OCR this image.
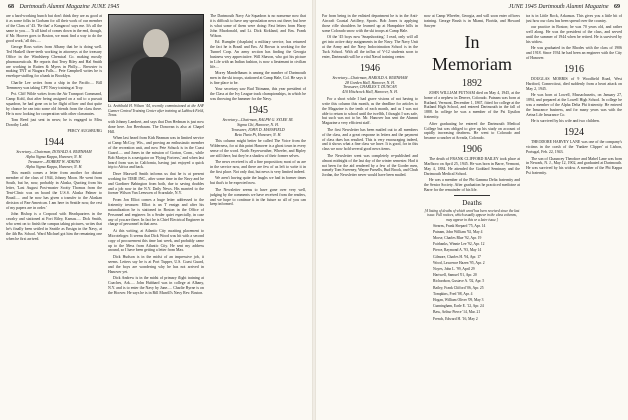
68 Dartmouth Alumni Magazine JUNE 1945

are a hard-working bunch but don't think they are as good at it as some folks in Gorham for all their work of our member of the Class of '43. 'Be that' a Kangaroo' says me. It's all the same to you..... 'It all kind of comes down in the end, though, if Mr. Hoover goes to Boston, we must find a way to do the good work,' all this.....

George Ross writes from Albany that he is doing well. Ted Haskell three-teeth working in attorneys at the treasury Office in the Windsheep Chemical Co. making mostly pharmaceuticals. He reports that Terry Riley and Hal Smith are working in Rutten & Myers in Philly.... Brewster is making TNT at Niagara Falls.... Pete Campbell writes he is envelope-stuffing for a bank in Brooklyn.

Charlie Lee writes from a ship in the Pacific.... Bill Tremmery was taking CPT Navy training at Troy.

Pvt. Cliff Wilde writes from the Air Transport Command, Camp Kohl, that after being assigned on a rail to a pursuit squadron, he had gone on to be flight officer and that quite by chance he ran into some old friends from the class there. He is now looking for cooperation with other classmates.

Tom Reed just sent in news; he is engaged to Miss Dorothy Ladd.

PERCY AUGSBURG

1944
Secretary—Chairman, DONALD A. BURNHAM
Alpha Sigma Kappa, Hanover, N. H.
Treasurer—ROBERT W. ADKINS
Alpha Sigma Kappa, Hanover, N. H.

This month comes a letter from another for distant member of the class of 1944, Johnny Moon. He went from South, but he, now, probably in Alaska, Quoting from his letter, 'Last August Post-master Scotty Thomas from the Tent-Clinic was on board the U.S.S. Alaska Palmer to Brazil..... and he now has given a transfer to the Alaskan division of Pan-American. I am here in Seattle now, the rest of my papers are in order.'

John Bishop is a Corporal with Headquarters in the cavalry and stationed at Fort Riley, Kansas..... Dick Smith, who went on to finish the campus taking pictures, writes that he's finally been settled in Seattle as Ensign in the Navy, at the 4th Bn. School. Ward Michael got him the remaining one when he first arrived.

Lt. Archibald H. Wilson '44, recently commissioned at the AAF Gunner Central Training Center after training at Lubbock Field, Texas.

with Johnny Lambert, and says that Don Hedman is just now done here. Jon Beerbaum. The Donovan is also at Chapel Hill.

When last heard from Kirk Beaman was in limited service at Camp McCoy, Wis., and proving an enthusiastic member of the recreation unit, and now Pete Schuck is in the Coast Guard..... and Jones in the mission of Gorton, Conn., while Bob Martyn is a navigator on 'Flying Fortress,' and when last heard from was in California, having just enjoyed a quick trip to Africa and back.

Dave Maxwell Smith informs us that he is at present working for TIME INC., after some time in the Navy and he and Gardiner Babington from both, due to saving doubles and a job now in the N.Y. Daily News. His married to the former Wilson Van Leeuwen of Scarsdale, N.Y.

From Jon Elliot comes a huge letter addressed to the fraternity treasurer. Elliot is an 'I' ensign and after his naturalization he is stationed in Boston in the Office of Personnel and engineer. In a Sealer quiet especially, in case any of you are there. In fact he is Chief Electrical Engineer in charge of personnel in that area.

At this writing, at Atlantic City awaiting placement to Microteloger. It seems that Dick Wood was hit with a second copy of procurement this time last week, and probably came up to the Mess from Atlantic City. He sent my address around, so I have been getting a letter from Max.

Dick Hudson is in the midst of an impressive job, it seems. Letters say he is at Port Tupper, U.S. Coast Guard, and the boys are wondering why he has not arrived in Hanover yet.

Dick Andrew is in the midst of primary flight training at Coaches, Ark..... John Hubbard was in college at Albany, N.Y. and is to enter the Navy by June..... Charlie Byrne is on the Hoover. He says he is in Bill Murrill's Navy Rev. Boston.

The Dartmouth Navy Air Squadron is no nonsense now that it is difficult to have any speculation news out there; but here is what some of them were doing: Fast letters from Harry John Macdonald, and Lt. Dick Kirkland, and Ens. Frank Wilson.

Ed. Rumpler (chaplain) a military service, has returned the fact he is Brazil and Ens. Al Brown is working for the Tunnel Corp. An army section has finding the Georgia business very appreciative. Will Shavon, who got his picture in Life with an Indian fashion, is now a lieutenant in civilian life....

Morey Mandelbaum is among the number of Dartmouth men in the ski troops, stationed at Camp Hale, Col. He says it is fine place to be.

Your secretary saw Bud Tittmann, this year president of the Class at the Ivy League track championships, in which he was throwing the hammer for the Navy.

1945
Secretary—Chairman, RALPH G. SYLEE JR.
Sigma Chi, Hanover, N. H.
Treasurer, JOHN D. MANSFIELD
Beta Theta Pi, Hanover, N. H.

This column might better be called The Voice from the Wilderness, for at this point Hanover is a ghost town in every sense of the word. North Fayerweather, Wheeler, and Ripley are still there, but they're a shadow of their former selves.

The news received is all a fine proposition; most of us are in the service now, and there are few of us left to write it in the first place. Not only that, but news is very limited indeed.

We aren't having quite the laughs we had in former times but that's to be expected now.

The Newsletter seems to have gone over very well, judging by the comments we have received from the readers, and we hope to continue it in the future so all of you can keep informed.

JUNE 1945 Dartmouth Alumni Magazine 69

Far from being in the enlisted department he is in the Anti-Aircraft Coastal Artillery, Sports. Bob Jones is applying those rifle shoulders he learned up at Hampshire hills in some Colorado snow with the ski troops at Camp Hale.

Of the '45 boys now 'Snapshooting,' I read, only will all get into active duty assignments in the Navy. The Navy Unit at the Army and the Navy Indoctrination School is in the Tuck School. With all the influx of V-12 students soon to enter, Dartmouth will be a vital Naval training center.

1946
Secretary—Chairman, HAROLD A. BURNHAM
28 Gorden Hall, Hanover, N. H.
Treasurer, CHARLES T. DUNCAN
410 Hitchcock Hall, Hanover, N. H.

For a short while I had grave visions of not having to write this column this month, as the deadline for articles to the Magazine is the tenth of each month, and as I was not able to return to school until the twelfth, I thought I was safe, but such was not to be. Mr. Hanover has sent the Alumni Magazine a very efficient staff.

The first Newsletter has been mailed out to all members of the class, and a great response in letters and the payment of class dues has resulted. This is very encouraging indeed, and it shows what a fine class we have. It is good, for in this class we now hold several good news items.

The Newsletter went was completely re-published and almost midnight of the last day of the winter semester. Had it not been for the aid rendered by a few of the Gorder men, namely Tom Sweeney, Wayne Parsells, Bud Brook, and Chub Jordan, the Newsletter never would have been mailed.

now at Camp Wheeler, Georgia, and will soon enter officers training. George Brush is in Miami, Florida, and Howard Sawyer

In Memoriam
1892

JOHN WILLIAM PUTNAM died on May 4, 1945, at the home of a nephew in Denver, Colorado. Putnam was born at Rutland, Vermont, December 1, 1867, fitted for college at the Rutland High School, and entered Dartmouth in the fall of 1888. In college he was a member of the Psi Upsilon fraternity.

After graduating he entered the Dartmouth Medical College but was obliged to give up his study on account of rapidly increasing deafness. He went to Colorado and became a rancher at Arvada, Colorado.

1906

The death of FRANK CLIFFORD BAILEY took place at Marlboro on April 25, 1945. He was born in Barre, Vermont, May 4, 1884. He attended the Goddard Seminary and the Dartmouth Medical School.

He was a member of the Phi Gamma Delta fraternity and the Senior Society. After graduation he practiced medicine at Barre for the remainder of his life.

Deaths
[A listing of deaths of which word has been received since the last issue. Full notices, which usually appear in the class columns, may appear in this or a later issue.]

Stearns, Frank Shepard '75, Apr. 14

Putnam, John William '92, May 4

Morse, Charles Blue '92, Apr. 19

Fairbanks, Winnie Lee '92, Apr. 12

Pierce, Raymond A. '93, May 14

Gilmore, Charles H. '94, Apr. 17

Wood, Lawrence Hazen '95, Apr. 2

Noyes, John L. '99, April 29

Hartwell, Samuel '01, Apr. 20

Richardson, Gustave A. '02, Apr. 5

Bailey, Frank Clifford '06, Apr. 25

Tompkins, Fred '08, Apr. 4

Hogan, William Oliver '09, May 3

Cunningham, Earle E. '12, Apr. 24

Bass, Arthur Pierce '14, Mar. 21

French, Edward H. '16, May 2

tra is in Little Rock, Arkansas. This gives you a little bit of just how our class has been spread over the country.

our practice in Boston; he was 70 years old, and rather well along. He was the president of the class, and served until the summer of 1944 when he retired. He is survived by his widow.

He was graduated in the Rhodes with the class of 1906 and 1918. Since 1934 he had been an engineer with the City of Hanover.

1916

DOUGLAS MORRIS of 9 Woodfield Road, West Hartford, Connecticut, died suddenly from a heart attack on May 2, 1945.

He was born at Lowell, Massachusetts, on January 27, 1894, and prepared at the Lowell High School. In college he was a member of the Alpha Delta Phi fraternity. He entered the Insurance business, and for many years was with the Aetna Life Insurance Co.

He is survived by his wife and two children.

1924

THEODORE HARVEY LANE was one of the company's victims in the crash of the 'Yankee Clipper' at Lisbon, Portugal, Feb. 22, 1943.

The son of Chauncey Theodore and Mabel Lane was born in Newark, N. J., May 12, 1902, and graduated at Dartmouth. He was survived by his widow. A member of the Phi Kappa Psi fraternity.
